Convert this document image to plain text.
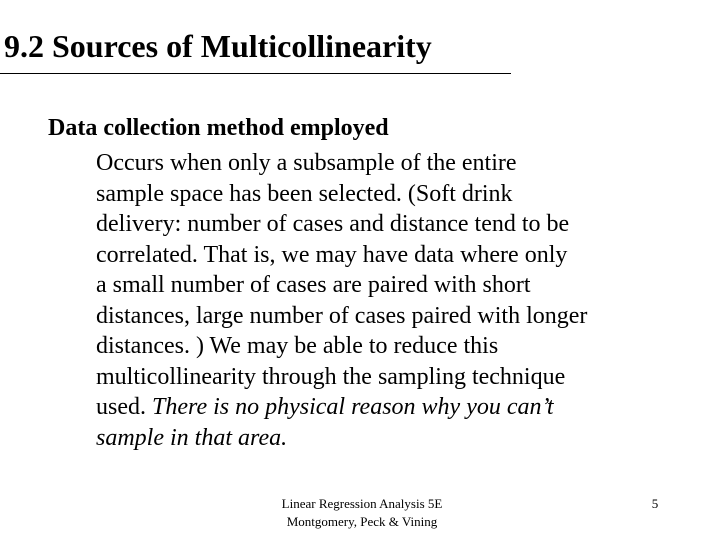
9.2 Sources of Multicollinearity
Data collection method employed

Occurs when only a subsample of the entire
sample space has been selected. (Soft drink
delivery: number of cases and distance tend to be
correlated. That is, we may have data where only
a small number of cases are paired with short
distances, large number of cases paired with longer
distances. ) We may be able to reduce this
multicollinearity through the sampling technique
used. There is no physical reason why you can’t
sample in that area.

Linear Regression Analysis 5E
Montgomery, Peck & Vining
5
